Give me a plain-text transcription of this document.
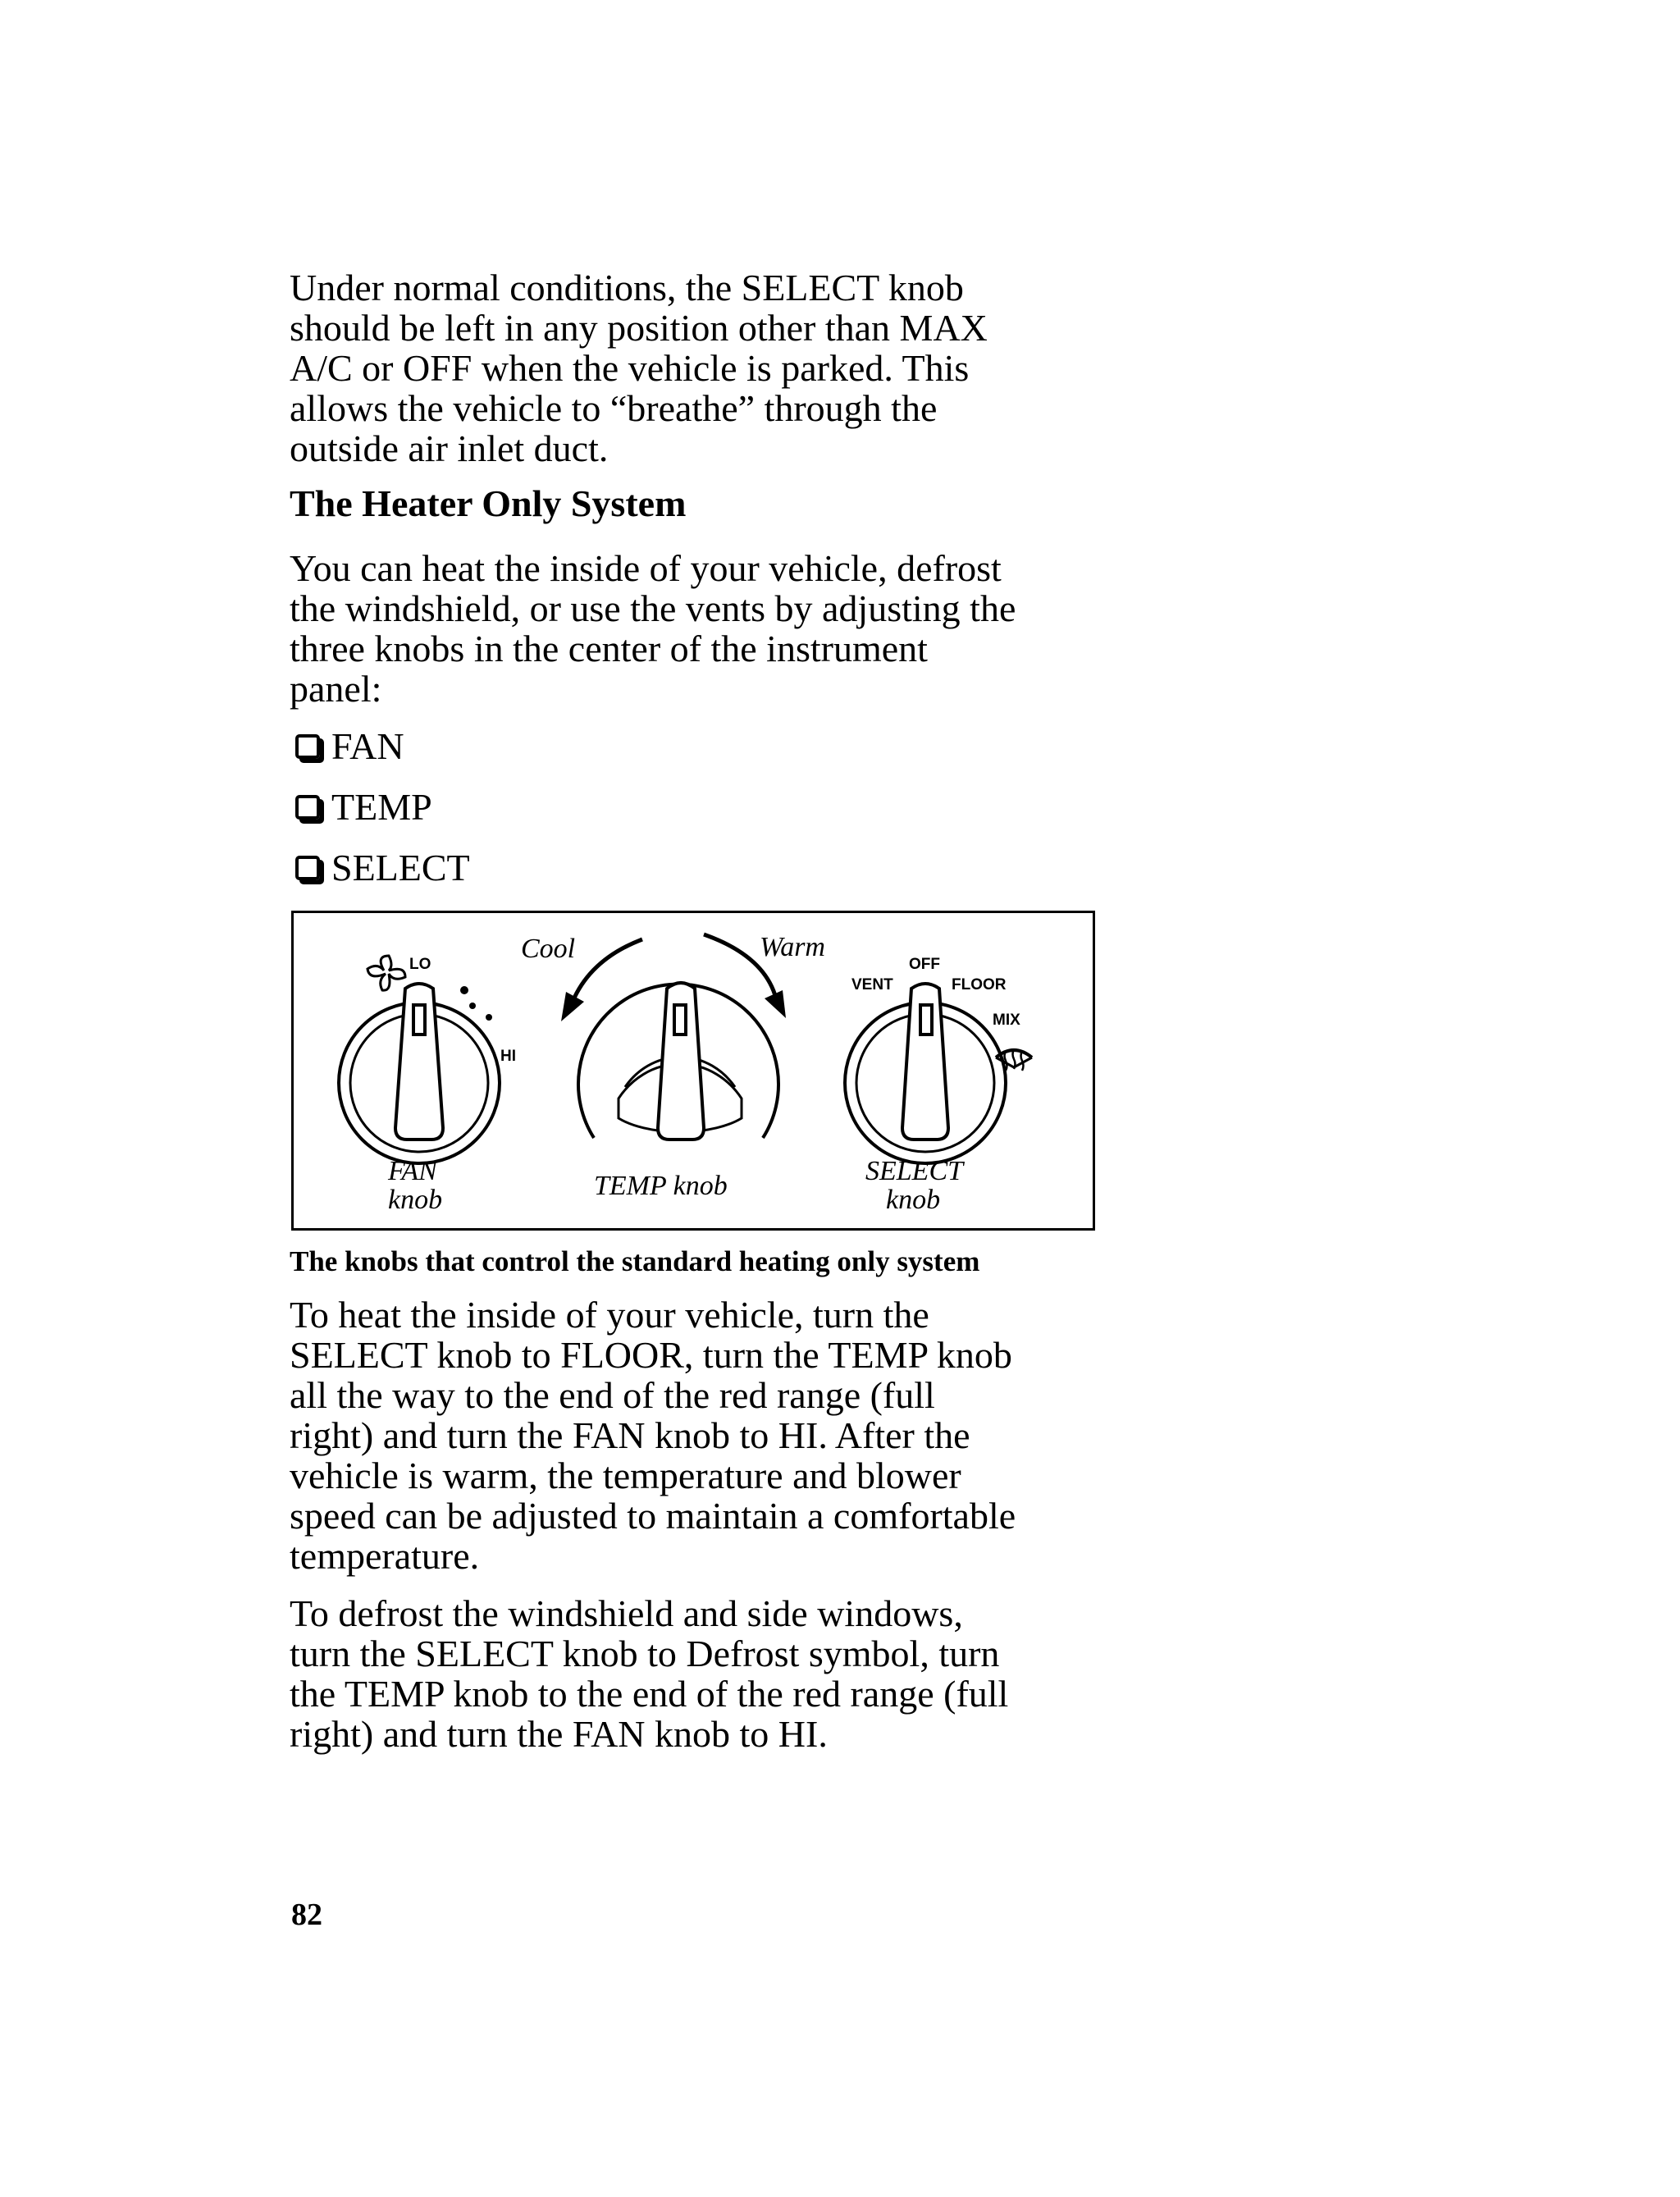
Under normal conditions, the SELECT knob
should be left in any position other than MAX
A/C or OFF when the vehicle is parked. This
allows the vehicle to “breathe” through the
outside air inlet duct.

The Heater Only System

You can heat the inside of your vehicle, defrost
the windshield, or use the vents by adjusting the
three knobs in the center of the instrument
panel:

FAN
TEMP
SELECT
LO
HI
Cool	Warm
OFF
VENT	FLOOR
MIX
FAN
knob	TEMP knob	SELECT
knob
The knobs that control the standard heating only system

To heat the inside of your vehicle, turn the
SELECT knob to FLOOR, turn the TEMP knob
all the way to the end of the red range (full
right) and turn the FAN knob to HI. After the
vehicle is warm, the temperature and blower
speed can be adjusted to maintain a comfortable
temperature.

To defrost the windshield and side windows,
turn the SELECT knob to Defrost symbol, turn
the TEMP knob to the end of the red range (full
right) and turn the FAN knob to HI.

82
